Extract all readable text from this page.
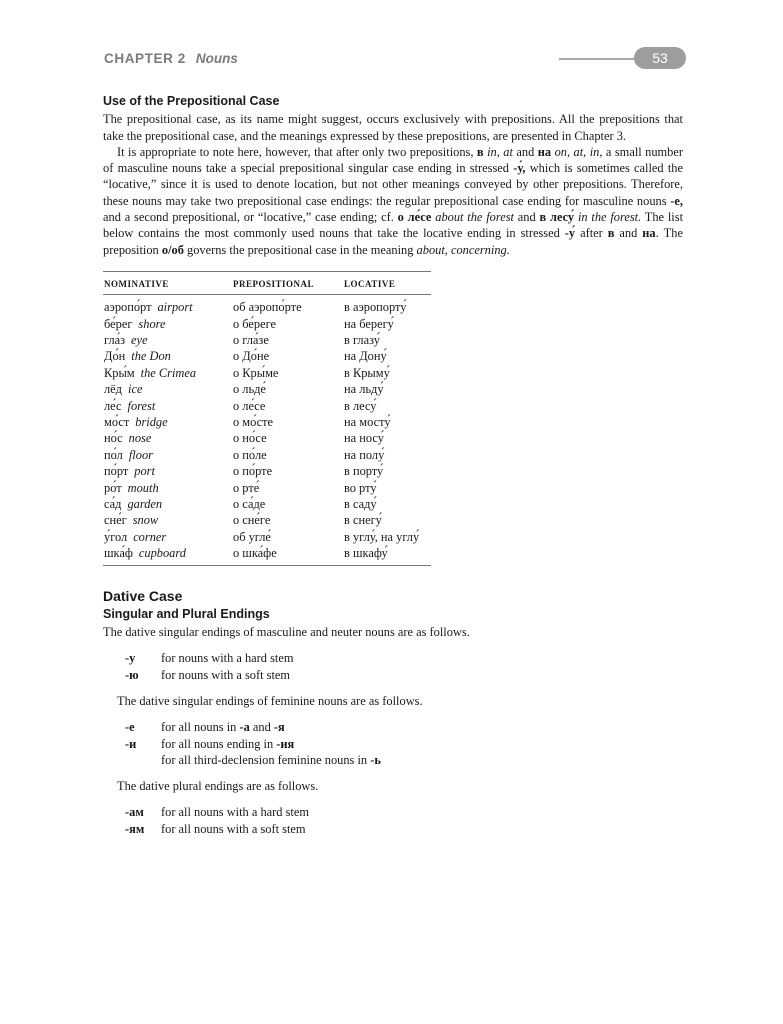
CHAPTER 2 Nouns	53
Use of the Prepositional Case

The prepositional case, as its name might suggest, occurs exclusively with prepositions. All the prepositions that take the prepositional case, and the meanings expressed by these prepositions, are presented in Chapter 3.

It is appropriate to note here, however, that after only two prepositions, в in, at and на on, at, in, a small number of masculine nouns take a special prepositional singular case ending in stressed -у́, which is sometimes called the “locative,” since it is used to denote location, but not other meanings conveyed by other prepositions. Therefore, these nouns may take two prepositional case endings: the regular prepositional case ending for masculine nouns -е, and a second prepositional, or “locative,” case ending; cf. о ле́се about the forest and в лесу́ in the forest. The list below contains the most commonly used nouns that take the locative ending in stressed -у́ after в and на. The preposition о/об governs the prepositional case in the meaning about, concerning.

NOMINATIVE	PREPOSITIONAL	LOCATIVE
аэропо́рт airport	об аэропо́рте	в аэропорту́
бе́рег shore	о бе́реге	на берегу́
гла́з eye	о гла́зе	в глазу́
До́н the Don	о До́не	на Дону́
Кры́м the Crimea	о Кры́ме	в Крыму́
лёд ice	о льде́	на льду́
ле́с forest	о ле́се	в лесу́
мо́ст bridge	о мо́сте	на мосту́
но́с nose	о но́се	на носу́
по́л floor	о по́ле	на полу́
по́рт port	о по́рте	в порту́
ро́т mouth	о рте́	во рту́
са́д garden	о са́де	в саду́
сне́г snow	о сне́ге	в снегу́
у́гол corner	об угле́	в углу́, на углу́
шка́ф cupboard	о шка́фе	в шкафу́
Dative Case
Singular and Plural Endings

The dative singular endings of masculine and neuter nouns are as follows.

-у for nouns with a hard stem
-ю for nouns with a soft stem

The dative singular endings of feminine nouns are as follows.

-е for all nouns in -а and -я
-и for all nouns ending in -ия
for all third-declension feminine nouns in -ь

The dative plural endings are as follows.

-ам for all nouns with a hard stem
-ям for all nouns with a soft stem
